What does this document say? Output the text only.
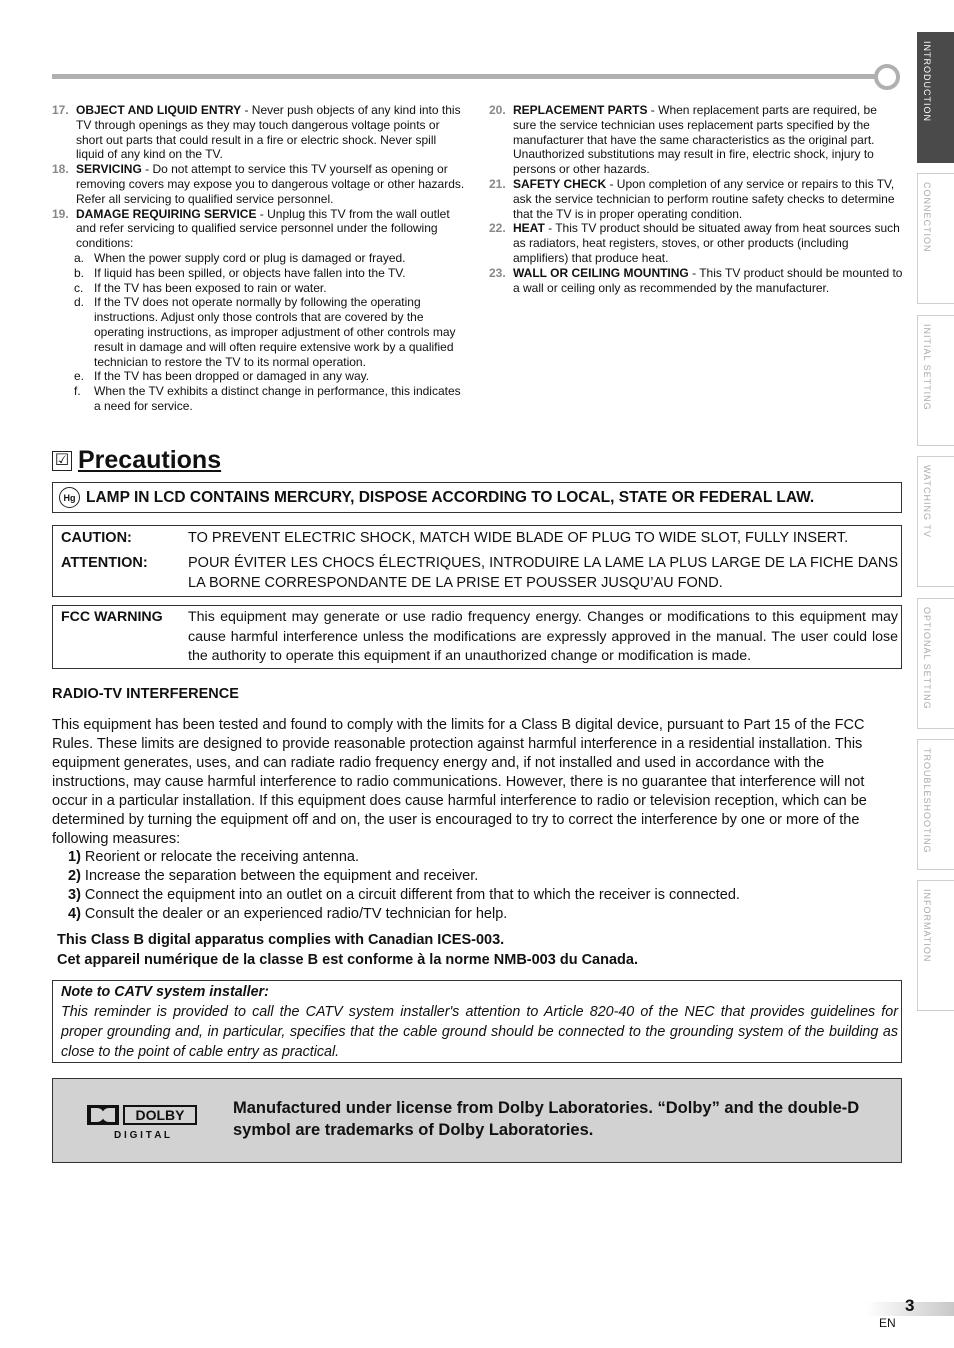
INTRODUCTION
CONNECTION
INITIAL SETTING
WATCHING TV
OPTIONAL SETTING
TROUBLESHOOTING
INFORMATION
17. OBJECT AND LIQUID ENTRY - Never push objects of any kind into this TV through openings as they may touch dangerous voltage points or short out parts that could result in a fire or electric shock. Never spill liquid of any kind on the TV.
18. SERVICING - Do not attempt to service this TV yourself as opening or removing covers may expose you to dangerous voltage or other hazards. Refer all servicing to qualified service personnel.
19. DAMAGE REQUIRING SERVICE - Unplug this TV from the wall outlet and refer servicing to qualified service personnel under the following conditions:
a. When the power supply cord or plug is damaged or frayed.
b. If liquid has been spilled, or objects have fallen into the TV.
c. If the TV has been exposed to rain or water.
d. If the TV does not operate normally by following the operating instructions. Adjust only those controls that are covered by the operating instructions, as improper adjustment of other controls may result in damage and will often require extensive work by a qualified technician to restore the TV to its normal operation.
e. If the TV has been dropped or damaged in any way.
f. When the TV exhibits a distinct change in performance, this indicates a need for service.
20. REPLACEMENT PARTS - When replacement parts are required, be sure the service technician uses replacement parts specified by the manufacturer that have the same characteristics as the original part. Unauthorized substitutions may result in fire, electric shock, injury to persons or other hazards.
21. SAFETY CHECK - Upon completion of any service or repairs to this TV, ask the service technician to perform routine safety checks to determine that the TV is in proper operating condition.
22. HEAT - This TV product should be situated away from heat sources such as radiators, heat registers, stoves, or other products (including amplifiers) that produce heat.
23. WALL OR CEILING MOUNTING - This TV product should be mounted to a wall or ceiling only as recommended by the manufacturer.
☑ Precautions
Hg LAMP IN LCD CONTAINS MERCURY, DISPOSE ACCORDING TO LOCAL, STATE OR FEDERAL LAW.
CAUTION:	TO PREVENT ELECTRIC SHOCK, MATCH WIDE BLADE OF PLUG TO WIDE SLOT, FULLY INSERT.
ATTENTION:	POUR ÉVITER LES CHOCS ÉLECTRIQUES, INTRODUIRE LA LAME LA PLUS LARGE DE LA FICHE DANS LA BORNE CORRESPONDANTE DE LA PRISE ET POUSSER JUSQU’AU FOND.
FCC WARNING This equipment may generate or use radio frequency energy. Changes or modifications to this equipment may cause harmful interference unless the modifications are expressly approved in the manual. The user could lose the authority to operate this equipment if an unauthorized change or modification is made.
RADIO-TV INTERFERENCE
This equipment has been tested and found to comply with the limits for a Class B digital device, pursuant to Part 15 of the FCC Rules. These limits are designed to provide reasonable protection against harmful interference in a residential installation. This equipment generates, uses, and can radiate radio frequency energy and, if not installed and used in accordance with the instructions, may cause harmful interference to radio communications. However, there is no guarantee that interference will not occur in a particular installation. If this equipment does cause harmful interference to radio or television reception, which can be determined by turning the equipment off and on, the user is encouraged to try to correct the interference by one or more of the following measures:
1) Reorient or relocate the receiving antenna.
2) Increase the separation between the equipment and receiver.
3) Connect the equipment into an outlet on a circuit different from that to which the receiver is connected.
4) Consult the dealer or an experienced radio/TV technician for help.
This Class B digital apparatus complies with Canadian ICES-003.
Cet appareil numérique de la classe B est conforme à la norme NMB-003 du Canada.
Note to CATV system installer:
This reminder is provided to call the CATV system installer's attention to Article 820-40 of the NEC that provides guidelines for proper grounding and, in particular, specifies that the cable ground should be connected to the grounding system of the building as close to the point of cable entry as practical.
DOLBY
D I G I T A L
Manufactured under license from Dolby Laboratories. “Dolby” and the double-D symbol are trademarks of Dolby Laboratories.
3
EN
